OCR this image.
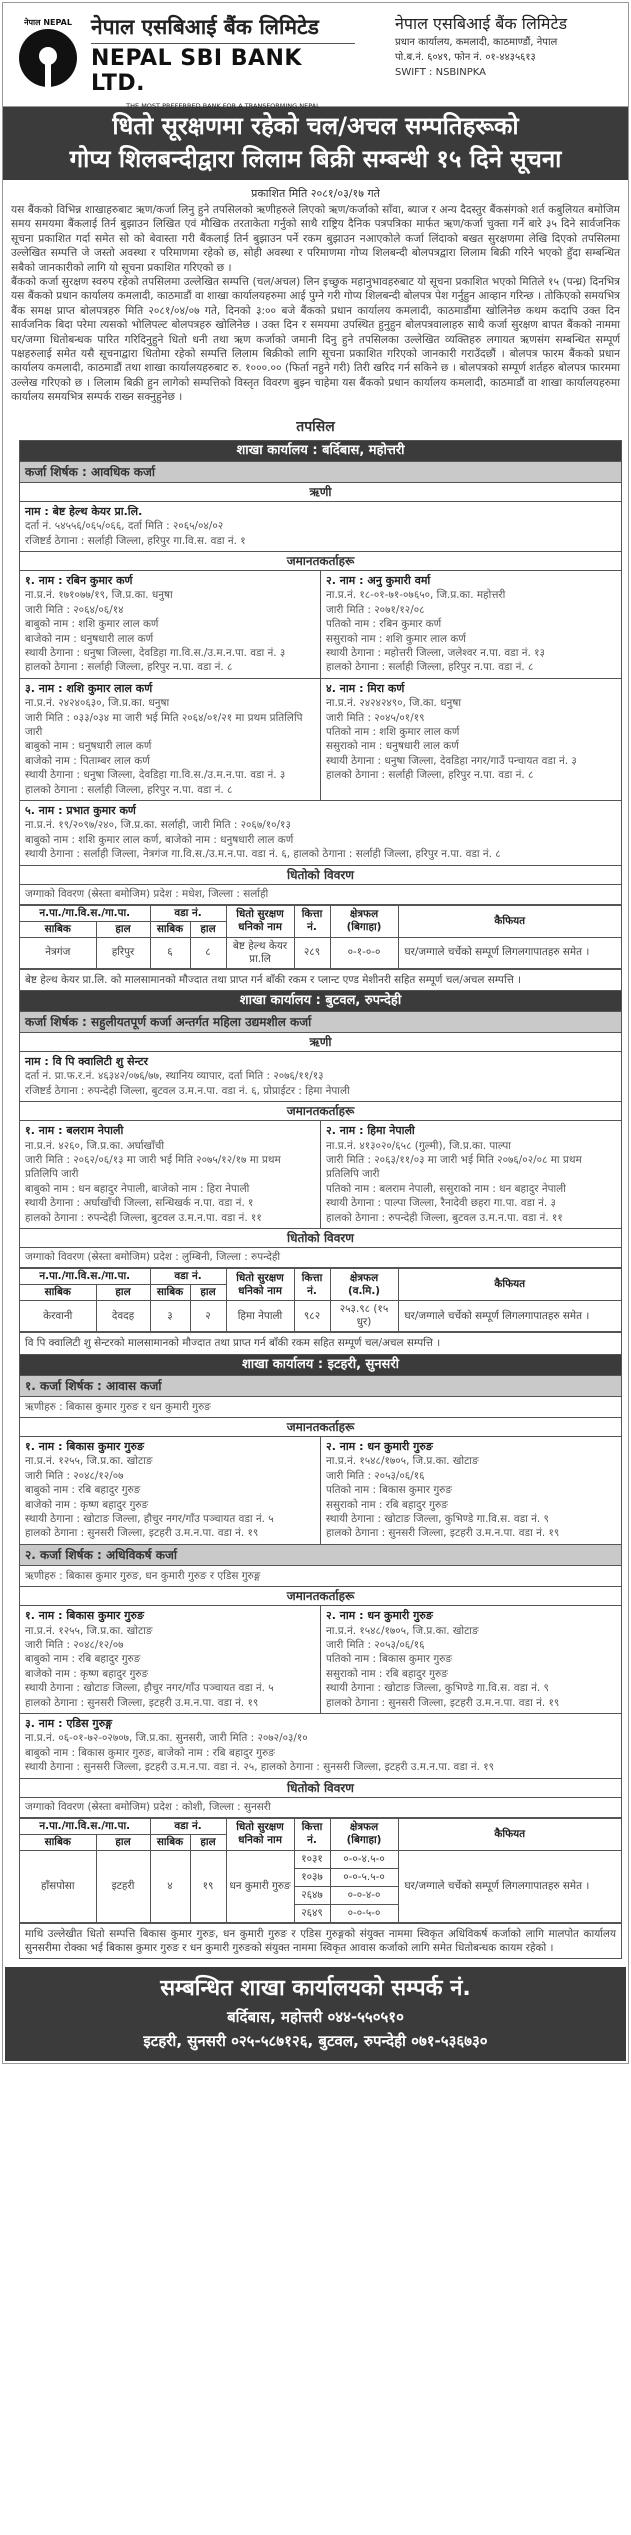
नेपाल NEPAL नेपाल एसबिआई बैंक लिमिटेड
NEPAL SBI BANK LTD.
THE MOST PREFERRED BANK FOR A TRANSFORMING NEPAL
नेपाल एसबिआई बैंक लिमिटेड
प्रधान कार्यालय, कमलादी, काठमाण्डौं, नेपाल
पो.ब.नं. ६०४९, फोन नं. ०१-४४३५६१३
SWIFT : NSBINPKA
धितो सूरक्षणमा रहेको चल/अचल सम्पतिहरूको
गोप्य शिलबन्दीद्वारा लिलाम बिक्री सम्बन्धी १५ दिने सूचना
प्रकाशित मिति २०८१/०३/१७ गते

यस बैंकको विभिन्न शाखाहरुबाट ऋण/कर्जा लिनु हुने तपसिलको ऋणीहरुले लिएको ऋण/कर्जाको साँवा, ब्याज र अन्य दैदस्तुर बैंकसंगको शर्त कबुलियत बमोजिम समय समयमा बैंकलाई तिर्न बुझाउन लिखित एवं मौखिक तरताकेता गर्नुको साथै राष्ट्रिय दैनिक पत्रपत्रिका मार्फत ऋण/कर्जा चुक्ता गर्ने बारे ३५ दिने सार्वजनिक सूचना प्रकाशित गर्दा समेत सो को बेवास्ता गरी बैंकलाई तिर्न बुझाउन पर्ने रकम बुझाउन नआएकोले कर्जा लिंदाको बखत सुरक्षणमा लेखि दिएको तपसिलमा उल्लेखित सम्पत्ति जे जस्तो अवस्था र परिमाणमा रहेको छ, सोही अवस्था र परिमाणमा गोप्य शिलबन्दी बोलपत्रद्वारा लिलाम बिक्री गरिने भएको हुँदा सम्बन्धित सबैको जानकारीको लागि यो सूचना प्रकाशित गरिएको छ ।

बैंकको कर्जा सुरक्षण स्वरुप रहेको तपसिलमा उल्लेखित सम्पत्ति (चल/अचल) लिन इच्छुक महानुभावहरुबाट यो सूचना प्रकाशित भएको मितिले १५ (पन्ध्र) दिनभित्र यस बैंकको प्रधान कार्यालय कमलादी, काठमाडौं वा शाखा कार्यालयहरुमा आई पुग्ने गरी गोप्य शिलबन्दी बोलपत्र पेश गर्नुहुन आव्हान गरिन्छ । तोकिएको समयभित्र बैंक समक्ष प्राप्त बोलपत्रहरु मिति २०८१/०४/०७ गते, दिनको ३:०० बजे बैंकको प्रधान कार्यालय कमलादी, काठमाडौंमा खोलिनेछ कथम कदापि उक्त दिन सार्वजनिक बिदा परेमा त्यसको भोलिपल्ट बोलपत्रहरु खोलिनेछ । उक्त दिन र समयमा उपस्थित हुनुहुन बोलपत्रवालाहरु साथै कर्जा सुरक्षण बापत बैंकको नाममा घर/जग्गा धितोबन्धक पारित गरिदिनुहुने धितो धनी तथा ऋण कर्जाको जमानी दिनु हुने तपसिलका उल्लेखित व्यक्तिहरु लगायत ऋणसंग सम्बन्धित सम्पूर्ण पक्षहरुलाई समेत यसै सूचनाद्वारा धितोमा रहेको सम्पत्ति लिलाम बिक्रीको लागि सूचना प्रकाशित गरिएको जानकारी गराउँदछौं । बोलपत्र फारम बैंकको प्रधान कार्यालय कमलादी, काठमाडौं तथा शाखा कार्यालयहरुबाट रु. १०००.०० (फिर्ता नहुने गरी) तिरी खरिद गर्न सकिने छ । बोलपत्रको सम्पूर्ण शर्तहरु बोलपत्र फारममा उल्लेख गरिएको छ । लिलाम बिक्री हुन लागेको सम्पत्तिको विस्तृत विवरण बुझ्न चाहेमा यस बैंकको प्रधान कार्यालय कमलादी, काठमाडौं वा शाखा कार्यालयहरुमा कार्यालय समयभित्र सम्पर्क राख्न सक्नुहुनेछ ।

तपसिल
शाखा कार्यालय : बर्दिबास, महोत्तरी
कर्जा शिर्षक : आवधिक कर्जा
ऋणी
नाम : बेष्ट हेल्थ केयर प्रा.लि.
दर्ता नं. ५४५५६/०६५/०६६, दर्ता मिति : २०६५/०४/०२
रजिष्टर्ड ठेगाना : सर्लाही जिल्ला, हरिपुर गा.वि.स. वडा नं. १
जमानतकर्ताहरू
१. नाम : रबिन कुमार कर्ण
ना.प्र.नं. १७१०७७/१९, जि.प्र.का. धनुषा
जारी मिति : २०६४/०६/१४
बाबुको नाम : शशि कुमार लाल कर्ण
बाजेको नाम : धनुषधारी लाल कर्ण
स्थायी ठेगाना : धनुषा जिल्ला, देवडिहा गा.वि.स./उ.म.न.पा. वडा नं. ३
हालको ठेगाना : सर्लाही जिल्ला, हरिपुर न.पा. वडा नं. ८
२. नाम : अनु कुमारी वर्मा
ना.प्र.नं. १८-०१-७१-०७६५०, जि.प्र.का. महोत्तरी
जारी मिति : २०७१/१२/०८
पतिको नाम : रबिन कुमार कर्ण
ससुराको नाम : शशि कुमार लाल कर्ण
स्थायी ठेगाना : महोत्तरी जिल्ला, जलेश्वर न.पा. वडा नं. १३
हालको ठेगाना : सर्लाही जिल्ला, हरिपुर न.पा. वडा नं. ८
३. नाम : शशि कुमार लाल कर्ण
ना.प्र.नं. २४२४०६३०, जि.प्र.का. धनुषा
जारी मिति : ०३३/०३४ मा जारी भई मिति २०६४/०१/२१ मा प्रथम प्रतिलिपि जारी
बाबुको नाम : धनुषधारी लाल कर्ण
बाजेको नाम : पिताम्बर लाल कर्ण
स्थायी ठेगाना : धनुषा जिल्ला, देवडिहा गा.वि.स./उ.म.न.पा. वडा नं. ३
हालको ठेगाना : सर्लाही जिल्ला, हरिपुर न.पा. वडा नं. ८
४. नाम : मिरा कर्ण
ना.प्र.नं. २४२४२४९०, जि.का. धनुषा
जारी मिति : २०४५/०१/१९
पतिको नाम : शशि कुमार लाल कर्ण
ससुराको नाम : धनुषधारी लाल कर्ण
स्थायी ठेगाना : धनुषा जिल्ला, देवडिहा नगर/गाउँ पन्चायत वडा नं. ३
हालको ठेगाना : सर्लाही जिल्ला, हरिपुर न.पा. वडा नं. ८
५. नाम : प्रभात कुमार कर्ण
ना.प्र.नं. १९/२०९७/२४०, जि.प्र.का. सर्लाही, जारी मिति : २०६७/१०/१३
बाबुको नाम : शशि कुमार लाल कर्ण, बाजेको नाम : धनुषधारी लाल कर्ण
स्थायी ठेगाना : सर्लाही जिल्ला, नेत्रगंज गा.वि.स./उ.म.न.पा. वडा नं. ६, हालको ठेगाना : सर्लाही जिल्ला, हरिपुर न.पा. वडा नं. ८
धितोको विवरण
जग्गाको विवरण (स्रेस्ता बमोजिम) प्रदेश : मधेश, जिल्ला : सर्लाही
न.पा./गा.वि.स./गा.पा.		वडा नं.		धितो सुरक्षण धनिको नाम	कित्ता नं.	क्षेत्रफल (बिगाहा)	कैफियत
साबिक	हाल	साबिक	हाल				
नेत्रगंज	हरिपुर	६	८	बेष्ट हेल्थ केयर प्रा.लि	२८९	०-१-०-०	घर/जग्गाले चर्चेको सम्पूर्ण लिगलगापातहरु समेत ।
बेष्ट हेल्थ केयर प्रा.लि. को मालसामानको मौज्दात तथा प्राप्त गर्न बाँकी रकम र प्लान्ट एण्ड मेशीनरी सहित सम्पूर्ण चल/अचल सम्पत्ति ।
शाखा कार्यालय : बुटवल, रुपन्देही
कर्जा शिर्षक : सहुलीयतपूर्ण कर्जा अन्तर्गत महिला उद्यमशील कर्जा
ऋणी
नाम : वि पि क्वालिटी शु सेन्टर
दर्ता नं. प्रा.फ.र.नं. ४६३४२/०७६/७७, स्थानिय व्यापार, दर्ता मिति : २०७६/११/१३
रजिष्टर्ड ठेगाना : रुपन्देही जिल्ला, बुटवल उ.म.न.पा. वडा नं. ६, प्रोप्राईटर : हिमा नेपाली
जमानतकर्ताहरू
१. नाम : बलराम नेपाली
ना.प्र.नं. ४२६०, जि.प्र.का. अर्घाखाँची
जारी मिति : २०६२/०६/१३ मा जारी भई मिति २०७५/१२/१७ मा प्रथम प्रतिलिपि जारी
बाबुको नाम : धन बहादुर नेपाली, बाजेको नाम : हिरा नेपाली
स्थायी ठेगाना : अर्घाखाँची जिल्ला, सन्धिखर्क न.पा. वडा नं. १
हालको ठेगाना : रुपन्देही जिल्ला, बुटवल उ.म.न.पा. वडा नं. ११
२. नाम : हिमा नेपाली
ना.प्र.नं. ४१३०२०/६५८ (गुल्मी), जि.प्र.का. पाल्पा
जारी मिति : २०६३/११/०३ मा जारी भई मिति २०७६/०२/०८ मा प्रथम प्रतिलिपि जारी
पतिको नाम : बलराम नेपाली, ससुराको नाम : धन बहादुर नेपाली
स्थायी ठेगाना : पाल्पा जिल्ला, रैनादेवी छहरा गा.पा. वडा नं. ३
हालको ठेगाना : रुपन्देही जिल्ला, बुटवल उ.म.न.पा. वडा नं. ११
धितोको विवरण
जग्गाको विवरण (स्रेस्ता बमोजिम) प्रदेश : लुम्बिनी, जिल्ला : रुपन्देही
न.पा./गा.वि.स./गा.पा.		वडा नं.		धितो सुरक्षण धनिको नाम	कित्ता नं.	क्षेत्रफल (व.मि.)	कैफियत
साबिक	हाल	साबिक	हाल				
केरवानी	देवदह	३	२	हिमा नेपाली	९८२	२५३.९८ (१५ धुर)	घर/जग्गाले चर्चेको सम्पूर्ण लिगलगापातहरु समेत ।
वि पि क्वालिटी शु सेन्टरको मालसामानको मौज्दात तथा प्राप्त गर्न बाँकी रकम सहित सम्पूर्ण चल/अचल सम्पत्ति ।
शाखा कार्यालय : इटहरी, सुनसरी
१. कर्जा शिर्षक : आवास कर्जा
ऋणीहरु : बिकास कुमार गुरुङ र धन कुमारी गुरुङ
जमानतकर्ताहरू
१. नाम : बिकास कुमार गुरुङ
ना.प्र.नं. १२५५, जि.प्र.का. खोटाङ
जारी मिति : २०४८/१२/०७
बाबुको नाम : रबि बहादुर गुरुङ
बाजेको नाम : कृष्ण बहादुर गुरुङ
स्थायी ठेगाना : खोटाङ जिल्ला, हौचुर नगर/गाँउ पञ्चायत वडा नं. ५
हालको ठेगाना : सुनसरी जिल्ला, इटहरी उ.म.न.पा. वडा नं. १९
२. नाम : धन कुमारी गुरुङ
ना.प्र.नं. १५४८/१७०५, जि.प्र.का. खोटाङ
जारी मिति : २०५३/०६/१६
पतिको नाम : बिकास कुमार गुरुङ
ससुराको नाम : रबि बहादुर गुरुङ
स्थायी ठेगाना : खोटाङ जिल्ला, कुभिण्डे गा.वि.स. वडा नं. ९
हालको ठेगाना : सुनसरी जिल्ला, इटहरी उ.म.न.पा. वडा नं. १९
२. कर्जा शिर्षक : अधिविकर्ष कर्जा
ऋणीहरु : बिकास कुमार गुरुङ, धन कुमारी गुरुङ र एडिस गुरुङ्ग
जमानतकर्ताहरू
१. नाम : बिकास कुमार गुरुङ
ना.प्र.नं. १२५५, जि.प्र.का. खोटाङ
जारी मिति : २०४८/१२/०७
बाबुको नाम : रबि बहादुर गुरुङ
बाजेको नाम : कृष्ण बहादुर गुरुङ
स्थायी ठेगाना : खोटाङ जिल्ला, हौचुर नगर/गाँउ पञ्चायत वडा नं. ५
हालको ठेगाना : सुनसरी जिल्ला, इटहरी उ.म.न.पा. वडा नं. १९
२. नाम : धन कुमारी गुरुङ
ना.प्र.नं. १५४८/१७०५, जि.प्र.का. खोटाङ
जारी मिति : २०५३/०६/१६
पतिको नाम : बिकास कुमार गुरुङ
ससुराको नाम : रबि बहादुर गुरुङ
स्थायी ठेगाना : खोटाङ जिल्ला, कुभिण्डे गा.वि.स. वडा नं. ९
हालको ठेगाना : सुनसरी जिल्ला, इटहरी उ.म.न.पा. वडा नं. १९
३. नाम : एडिस गुरुङ्ग
ना.प्र.नं. ०६-०१-७२-०२७०७, जि.प्र.का. सुनसरी, जारी मिति : २०७२/०३/१०
बाबुको नाम : बिकास कुमार गुरुङ, बाजेको नाम : रबि बहादुर गुरुङ
स्थायी ठेगाना : सुनसरी जिल्ला, इटहरी उ.म.न.पा. वडा नं. २५, हालको ठेगाना : सुनसरी जिल्ला, इटहरी उ.म.न.पा. वडा नं. १९
धितोको विवरण
जग्गाको विवरण (स्रेस्ता बमोजिम) प्रदेश : कोशी, जिल्ला : सुनसरी
न.पा./गा.वि.स./गा.पा.		वडा नं.		धितो सुरक्षण धनिको नाम	कित्ता नं.	क्षेत्रफल (बिगाहा)	कैफियत
साबिक	हाल	साबिक	हाल				
हाँसपोसा	इटहरी	४	१९	धन कुमारी गुरुङ	१०३१	०-०-४.५-०	घर/जग्गाले चर्चेको सम्पूर्ण लिगलगापातहरु समेत ।
					१०३७	०-०-५.५-०	
					२६४७	०-०-४-०	
					२६४९	०-०-५-०	
माथि उल्लेखीत धितो सम्पत्ति बिकास कुमार गुरुङ, धन कुमारी गुरुङ र एडिस गुरुङ्गको संयुक्त नाममा स्विकृत अधिविकर्ष कर्जाको लागि मालपोत कार्यालय सुनसरीमा रोक्का भई बिकास कुमार गुरुङ र धन कुमारी गुरुङको संयुक्त नाममा स्विकृत आवास कर्जाको लागि समेत धितोबन्धक कायम रहेको ।
सम्बन्धित शाखा कार्यालयको सम्पर्क नं.
बर्दिबास, महोत्तरी ०४४-५५०५१०
इटहरी, सुनसरी ०२५-५८७१२६, बुटवल, रुपन्देही ०७१-५३६७३०
